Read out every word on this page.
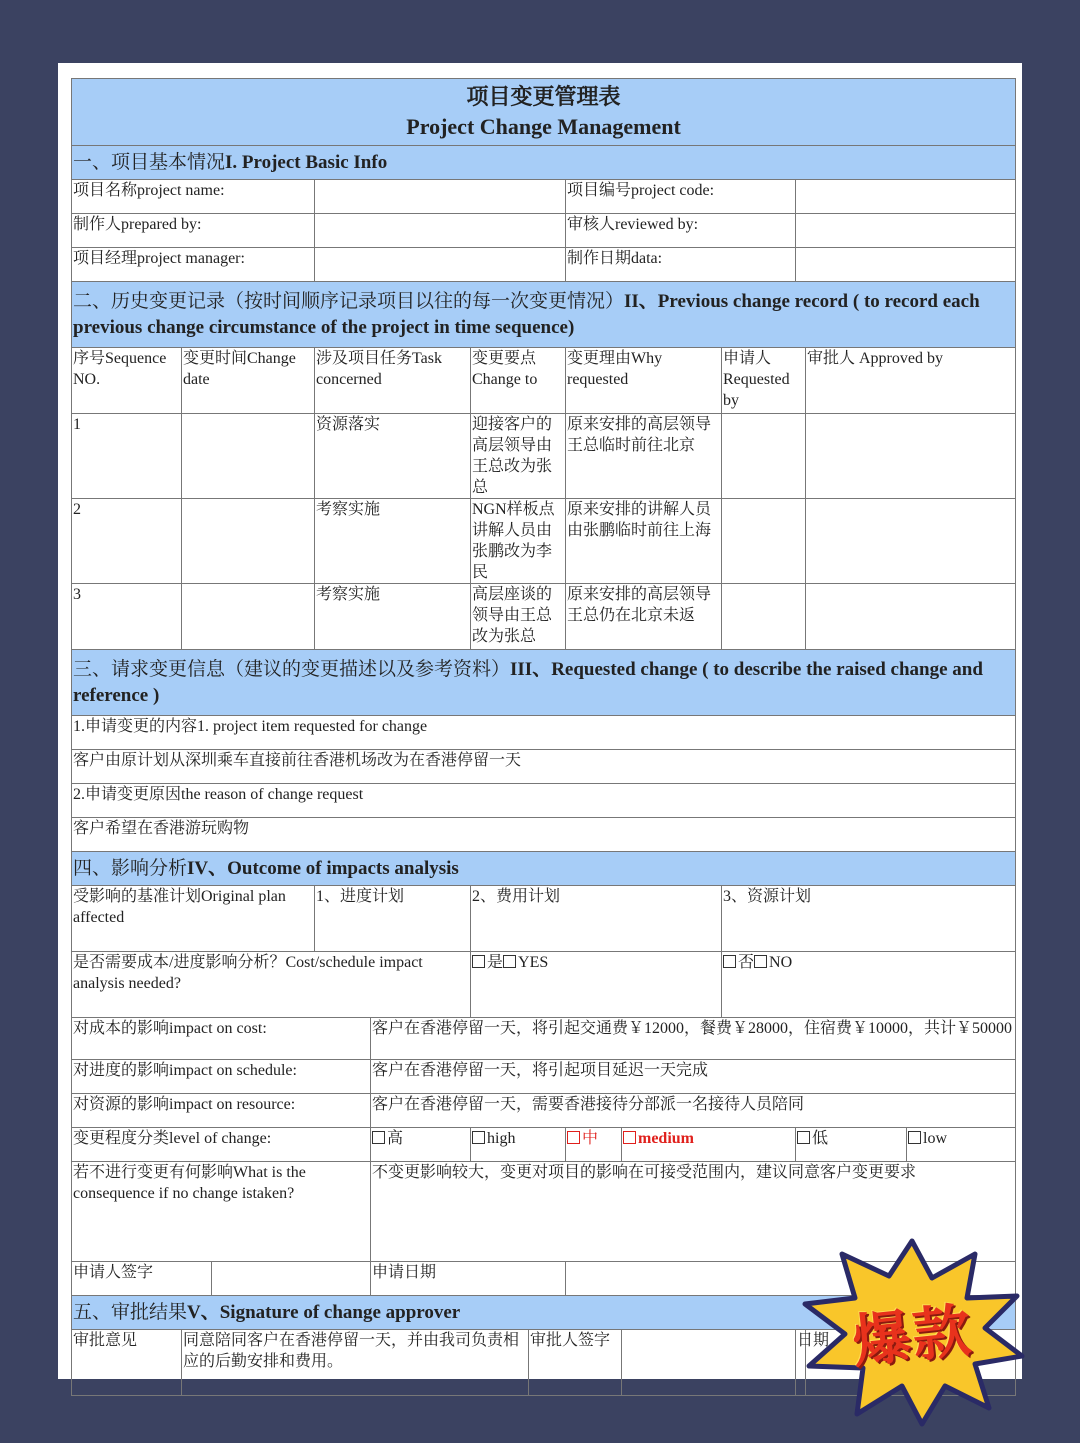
项目变更管理表
Project Change Management												

一、项目基本情况I. Project Basic Info												
项目名称project name:							项目编号project code:					
制作人prepared by:							审核人reviewed by:					
项目经理project manager:							制作日期data:					
二、历史变更记录（按时间顺序记录项目以往的每一次变更情况）II、Previous change record ( to record each previous change circumstance of the project in time sequence)												
序号Sequence NO.	变更时间Change date		涉及项目任务Task concerned		变更要点Change to		变更理由Why requested		申请人 Requested by		审批人 Approved by	
1			资源落实		迎接客户的高层领导由王总改为张总		原来安排的高层领导王总临时前往北京					
2			考察实施		NGN样板点讲解人员由张鹏改为李民		原来安排的讲解人员由张鹏临时前往上海					
3			考察实施		高层座谈的领导由王总改为张总		原来安排的高层领导王总仍在北京未返					
三、请求变更信息（建议的变更描述以及参考资料）III、Requested change ( to describe the raised change and reference )												
1.申请变更的内容1. project item requested for change												
客户由原计划从深圳乘车直接前往香港机场改为在香港停留一天												
2.申请变更原因the reason of change request												
客户希望在香港游玩购物												
四、影响分析IV、Outcome of impacts analysis												
受影响的基准计划Original plan affected			1、进度计划		2、费用计划				3、资源计划			
是否需要成本/进度影响分析？Cost/schedule impact analysis needed?					是 YES				否 NO			
对成本的影响impact on cost:				客户在香港停留一天，将引起交通费￥12000，餐费￥28000，住宿费￥10000，共计￥50000								
对进度的影响impact on schedule:				客户在香港停留一天，将引起项目延迟一天完成								
对资源的影响impact on resource:				客户在香港停留一天，需要香港接待分部派一名接待人员陪同								
变更程度分类level of change:				高	high		中	medium		低		low
若不进行变更有何影响What is the consequence if no change istaken?				不变更影响较大，变更对项目的影响在可接受范围内，建议同意客户变更要求								
申请人签字				申请日期								
五、审批结果V、Signature of change approver												
审批意见	同意陪同客户在香港停留一天，并由我司负责相应的后勤安排和费用。					审批人签字				日期		爆款
